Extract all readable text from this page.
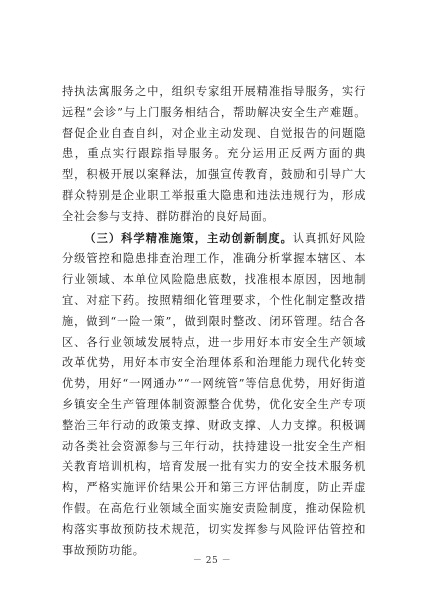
持执法寓服务之中，组织专家组开展精准指导服务，实行远程“会诊”与上门服务相结合，帮助解决安全生产难题。督促企业自查自纠，对企业主动发现、自觉报告的问题隐患，重点实行跟踪指导服务。充分运用正反两方面的典型，积极开展以案释法，加强宣传教育，鼓励和引导广大群众特别是企业职工举报重大隐患和违法违规行为，形成全社会参与支持、群防群治的良好局面。

（三）科学精准施策，主动创新制度。认真抓好风险分级管控和隐患排查治理工作，准确分析掌握本辖区、本行业领域、本单位风险隐患底数，找准根本原因，因地制宜、对症下药。按照精细化管理要求，个性化制定整改措施，做到“一险一策”，做到限时整改、闭环管理。结合各区、各行业领域发展特点，进一步用好本市安全生产领域改革优势，用好本市安全治理体系和治理能力现代化转变优势，用好“一网通办”“一网统管”等信息优势，用好街道乡镇安全生产管理体制资源整合优势，优化安全生产专项整治三年行动的政策支撑、财政支撑、人力支撑。积极调动各类社会资源参与三年行动，扶持建设一批安全生产相关教育培训机构，培育发展一批有实力的安全技术服务机构，严格实施评价结果公开和第三方评估制度，防止弄虚作假。在高危行业领域全面实施安责险制度，推动保险机构落实事故预防技术规范，切实发挥参与风险评估管控和事故预防功能。

－ 25 －
